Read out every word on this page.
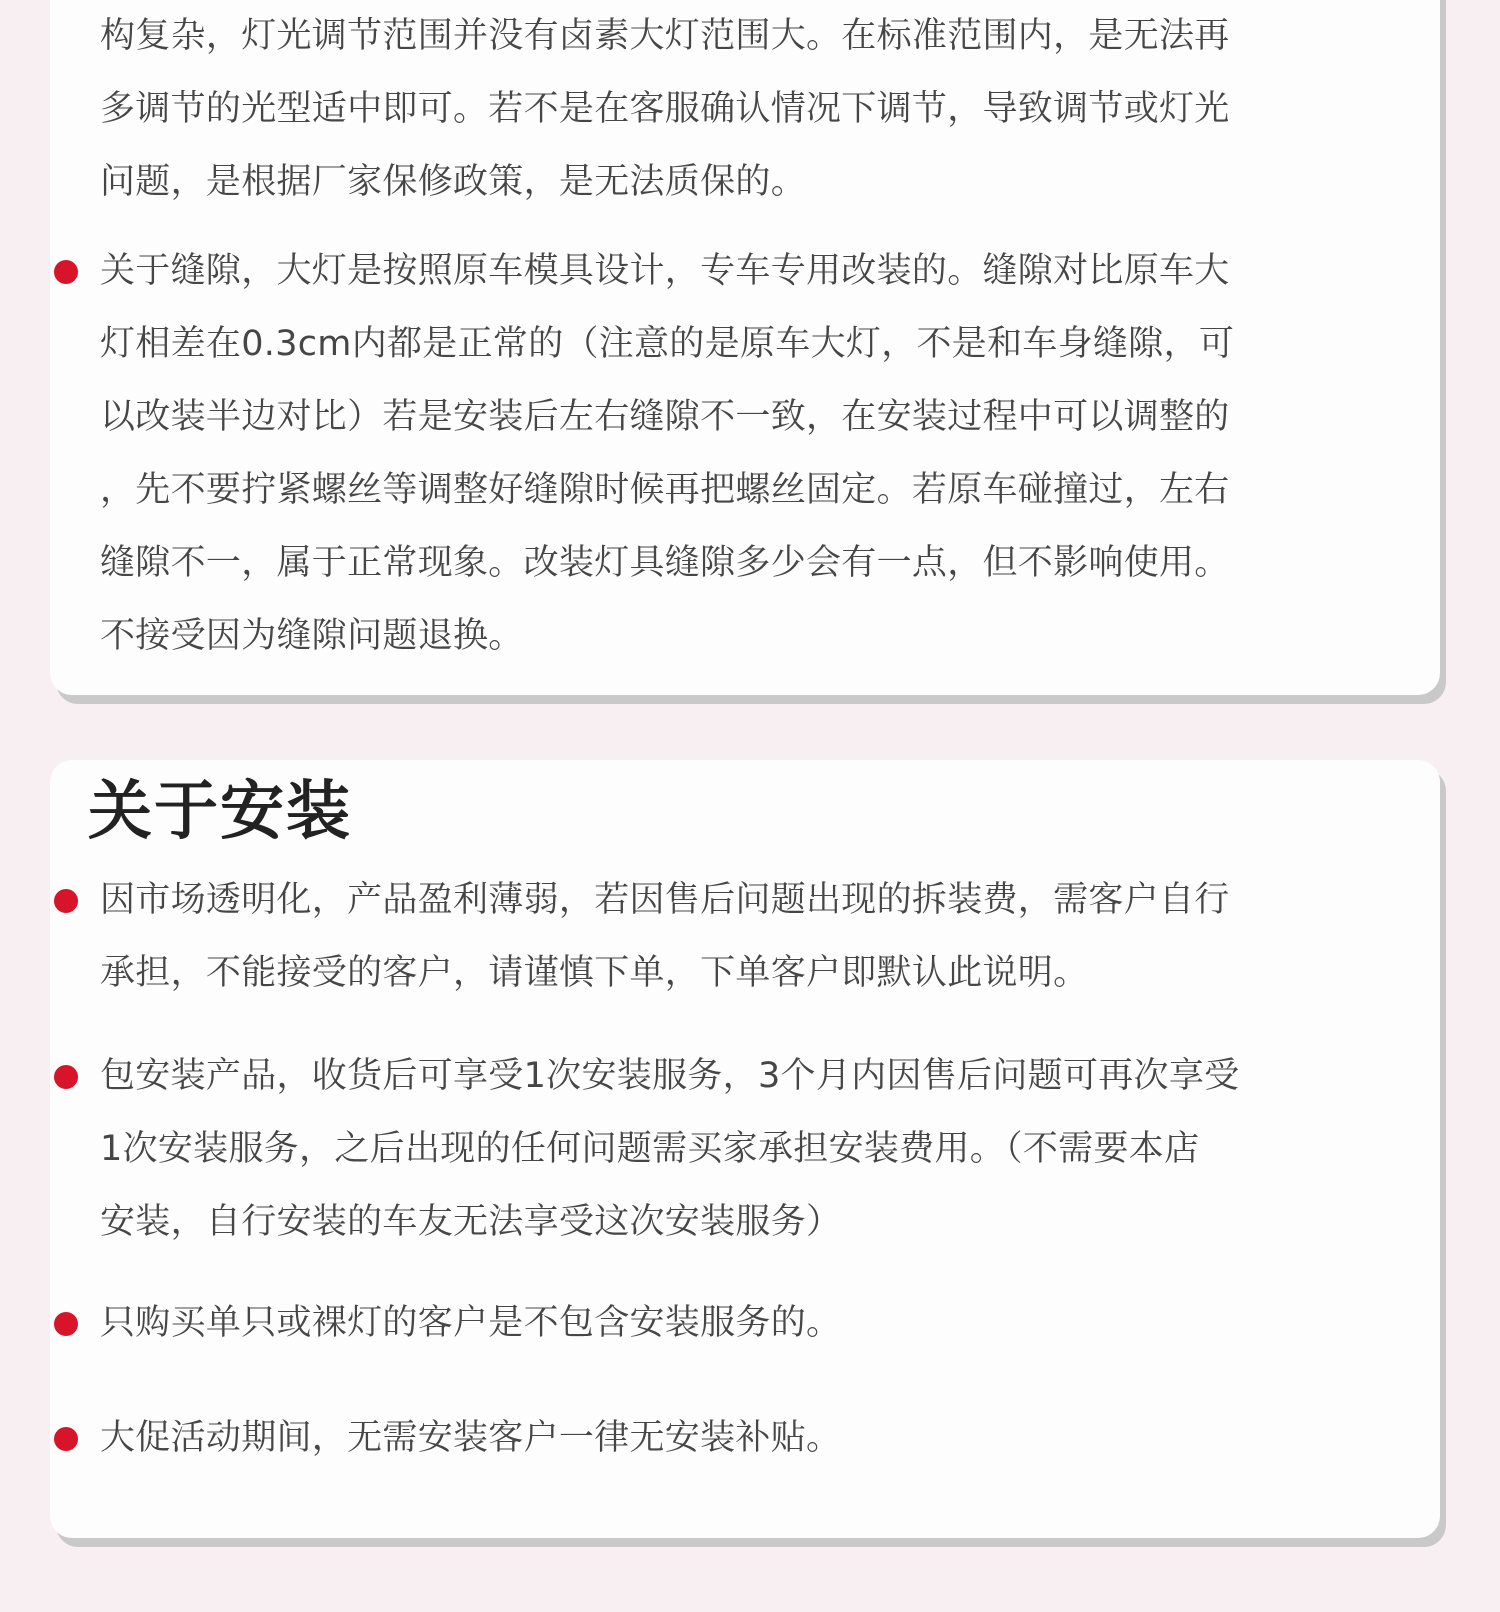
构复杂，灯光调节范围并没有卤素大灯范围大。在标准范围内，是无法再
多调节的光型适中即可。若不是在客服确认情况下调节，导致调节或灯光
问题，是根据厂家保修政策，是无法质保的。

关于缝隙，大灯是按照原车模具设计，专车专用改装的。缝隙对比原车大
灯相差在0.3cm内都是正常的（注意的是原车大灯，不是和车身缝隙，可
以改装半边对比）若是安装后左右缝隙不一致，在安装过程中可以调整的
，先不要拧紧螺丝等调整好缝隙时候再把螺丝固定。若原车碰撞过，左右
缝隙不一，属于正常现象。改装灯具缝隙多少会有一点，但不影响使用。
不接受因为缝隙问题退换。

关于安装

因市场透明化，产品盈利薄弱，若因售后问题出现的拆装费，需客户自行
承担，不能接受的客户，请谨慎下单，下单客户即默认此说明。

包安装产品，收货后可享受1次安装服务，3个月内因售后问题可再次享受
1次安装服务，之后出现的任何问题需买家承担安装费用。（不需要本店
安装，自行安装的车友无法享受这次安装服务）

只购买单只或裸灯的客户是不包含安装服务的。

大促活动期间，无需安装客户一律无安装补贴。
